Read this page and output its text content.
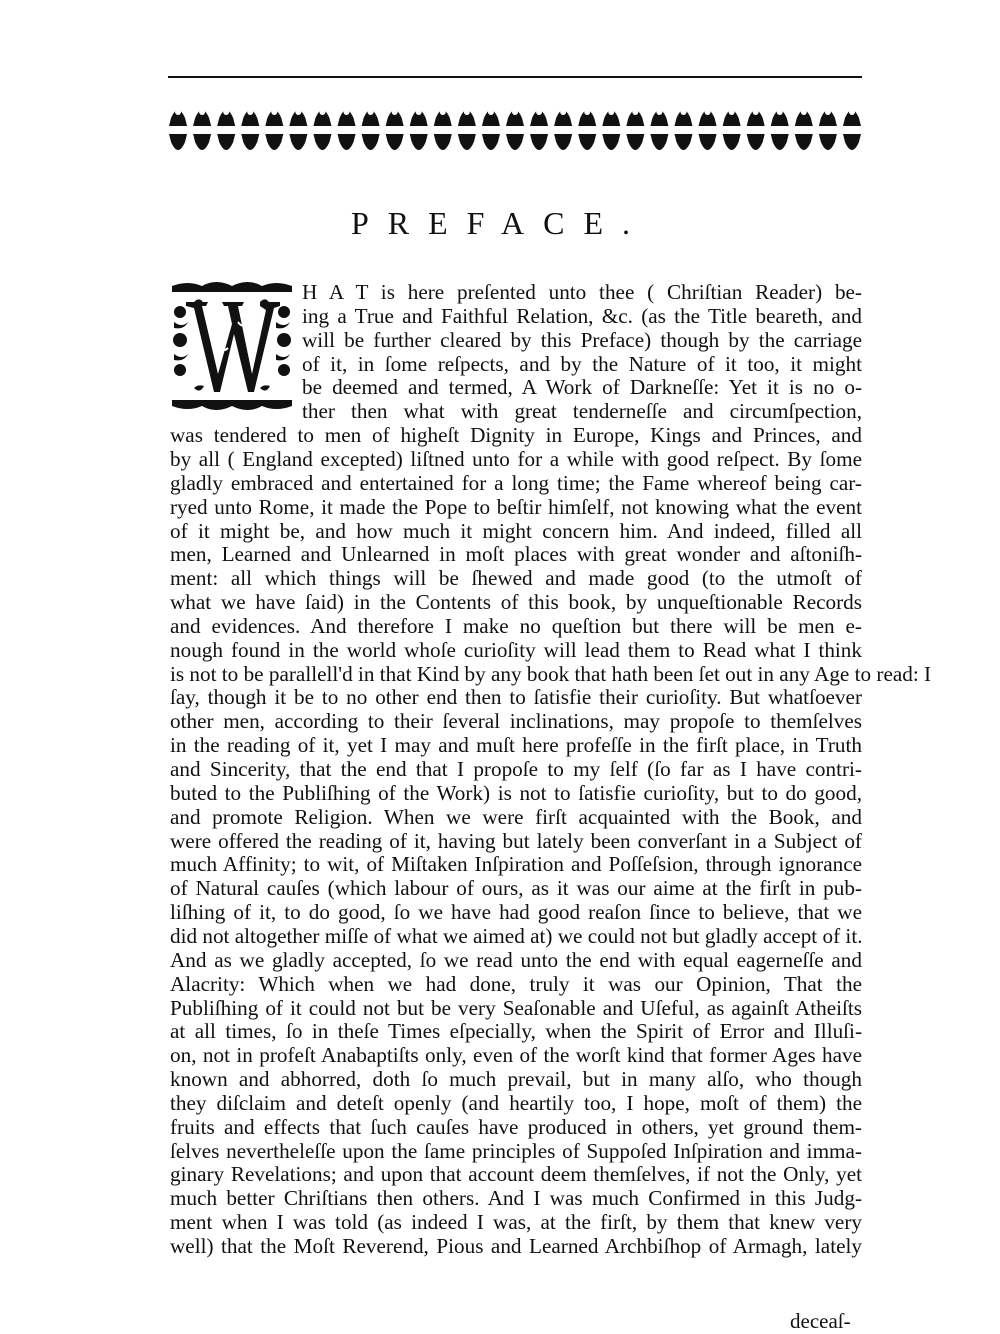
PREFACE.
H A T is here preſented unto thee ( Chriſtian Reader) be-
ing a True and Faithful Relation, &c. (as the Title beareth, and
will be further cleared by this Preface) though by the carriage
of it, in ſome reſpects, and by the Nature of it too, it might
be deemed and termed, A Work of Darkneſſe: Yet it is no o-
ther then what with great tenderneſſe and circumſpection,
was tendered to men of higheſt Dignity in Europe, Kings and Princes, and
by all ( England excepted) liſtned unto for a while with good reſpect. By ſome
gladly embraced and entertained for a long time; the Fame whereof being car-
ryed unto Rome, it made the Pope to beſtir himſelf, not knowing what the event
of it might be, and how much it might concern him. And indeed, filled all
men, Learned and Unlearned in moſt places with great wonder and aſtoniſh-
ment: all which things will be ſhewed and made good (to the utmoſt of
what we have ſaid) in the Contents of this book, by unqueſtionable Records
and evidences. And therefore I make no queſtion but there will be men e-
nough found in the world whoſe curioſity will lead them to Read what I think
is not to be parallell'd in that Kind by any book that hath been ſet out in any Age to read: I
ſay, though it be to no other end then to ſatisfie their curioſity. But whatſoever
other men, according to their ſeveral inclinations, may propoſe to themſelves
in the reading of it, yet I may and muſt here profeſſe in the firſt place, in Truth
and Sincerity, that the end that I propoſe to my ſelf (ſo far as I have contri-
buted to the Publiſhing of the Work) is not to ſatisfie curioſity, but to do good,
and promote Religion. When we were firſt acquainted with the Book, and
were offered the reading of it, having but lately been converſant in a Subject of
much Affinity; to wit, of Miſtaken Inſpiration and Poſſeſsion, through ignorance
of Natural cauſes (which labour of ours, as it was our aime at the firſt in pub-
liſhing of it, to do good, ſo we have had good reaſon ſince to believe, that we
did not altogether miſſe of what we aimed at) we could not but gladly accept of it.
And as we gladly accepted, ſo we read unto the end with equal eagerneſſe and
Alacrity: Which when we had done, truly it was our Opinion, That the
Publiſhing of it could not but be very Seaſonable and Uſeful, as againſt Atheiſts
at all times, ſo in theſe Times eſpecially, when the Spirit of Error and Illuſi-
on, not in profeſt Anabaptiſts only, even of the worſt kind that former Ages have
known and abhorred, doth ſo much prevail, but in many alſo, who though
they diſclaim and deteſt openly (and heartily too, I hope, moſt of them) the
fruits and effects that ſuch cauſes have produced in others, yet ground them-
ſelves nevertheleſſe upon the ſame principles of Suppoſed Inſpiration and imma-
ginary Revelations; and upon that account deem themſelves, if not the Only, yet
much better Chriſtians then others. And I was much Confirmed in this Judg-
ment when I was told (as indeed I was, at the firſt, by them that knew very
well) that the Moſt Reverend, Pious and Learned Archbiſhop of Armagh, lately
deceaſ-
